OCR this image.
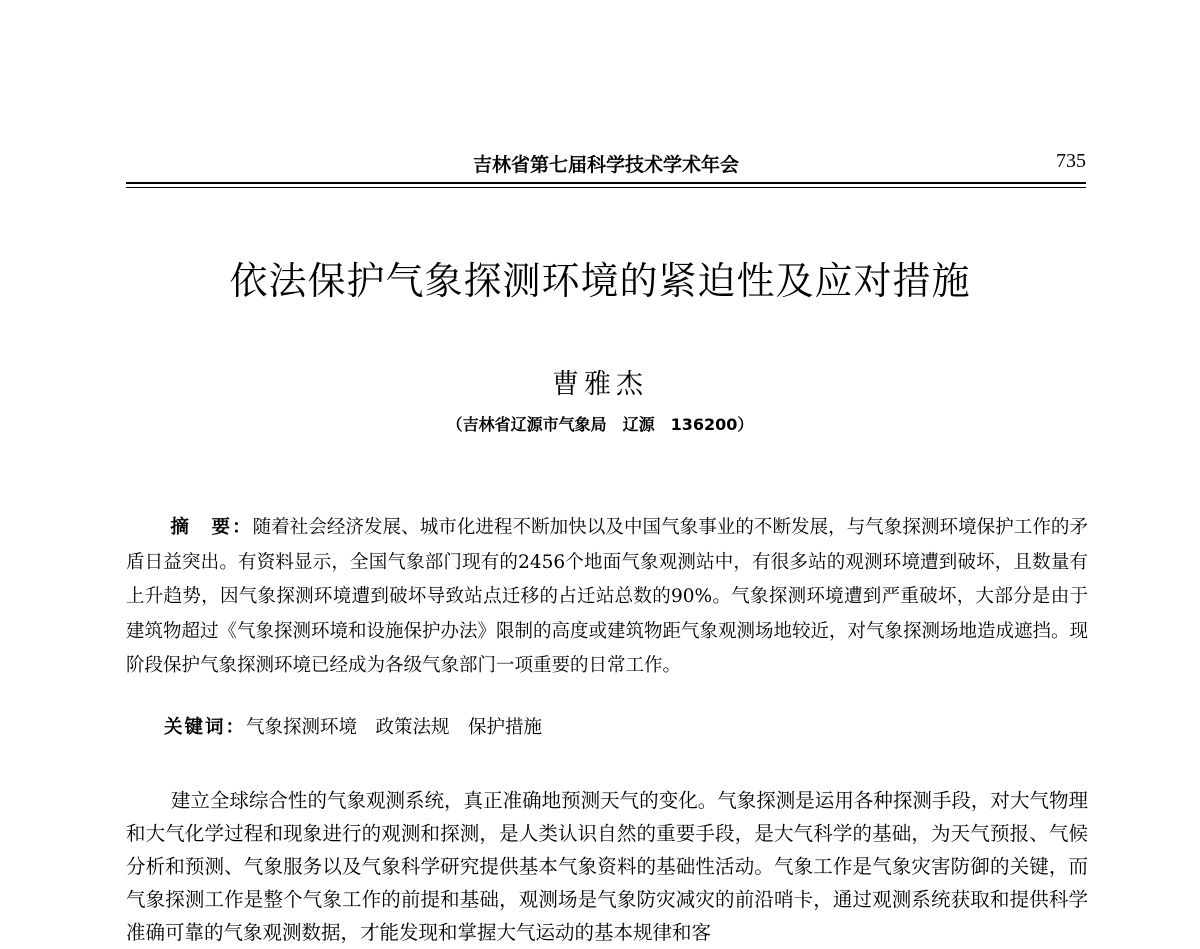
吉林省第七届科学技术学术年会	735
依法保护气象探测环境的紧迫性及应对措施
曹雅杰
（吉林省辽源市气象局　辽源　136200）

摘　要：随着社会经济发展、城市化进程不断加快以及中国气象事业的不断发展，与气象探测环境保护工作的矛盾日益突出。有资料显示，全国气象部门现有的2456个地面气象观测站中，有很多站的观测环境遭到破坏，且数量有上升趋势，因气象探测环境遭到破坏导致站点迁移的占迁站总数的90%。气象探测环境遭到严重破坏，大部分是由于建筑物超过《气象探测环境和设施保护办法》限制的高度或建筑物距气象观测场地较近，对气象探测场地造成遮挡。现阶段保护气象探测环境已经成为各级气象部门一项重要的日常工作。

关键词：气象探测环境　政策法规　保护措施

建立全球综合性的气象观测系统，真正准确地预测天气的变化。气象探测是运用各种探测手段，对大气物理和大气化学过程和现象进行的观测和探测，是人类认识自然的重要手段，是大气科学的基础，为天气预报、气候分析和预测、气象服务以及气象科学研究提供基本气象资料的基础性活动。气象工作是气象灾害防御的关键，而气象探测工作是整个气象工作的前提和基础，观测场是气象防灾减灾的前沿哨卡，通过观测系统获取和提供科学准确可靠的气象观测数据，才能发现和掌握大气运动的基本规律和客
